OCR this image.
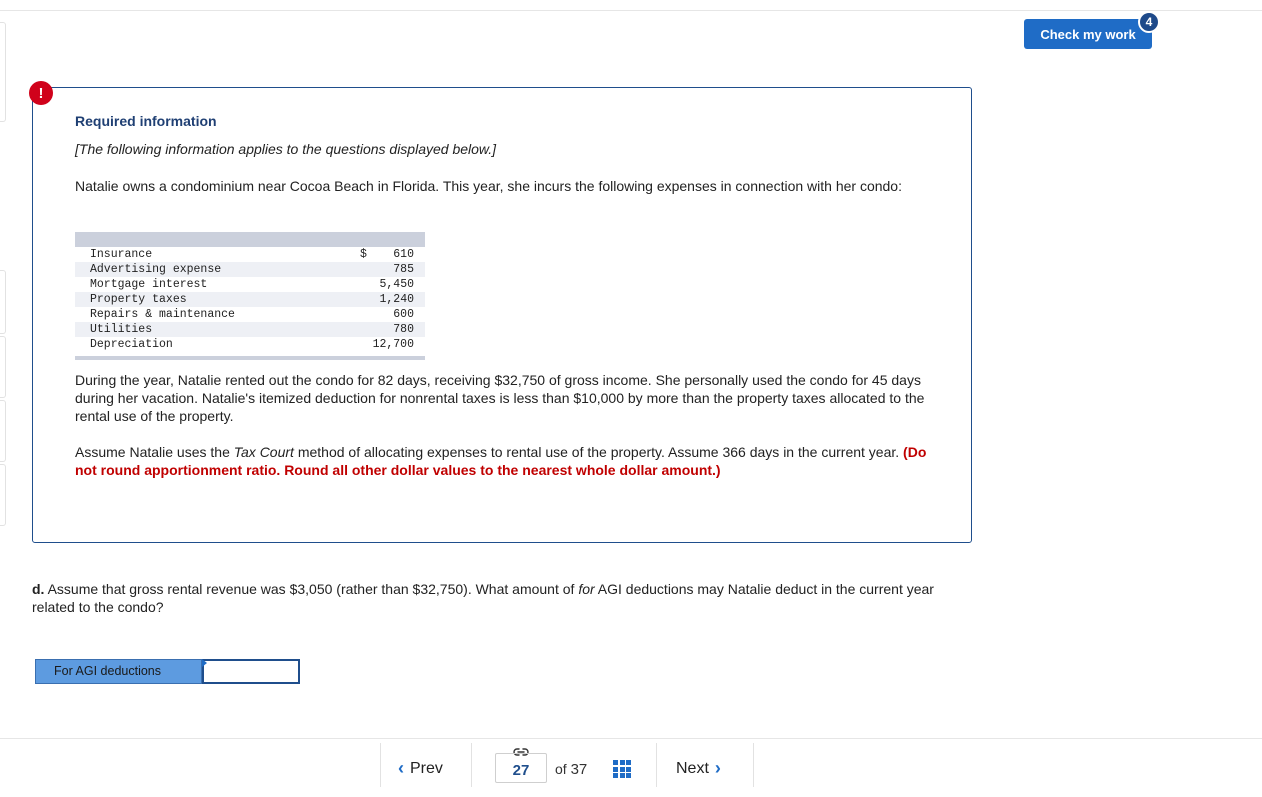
Check my work
4
!
Required information
[The following information applies to the questions displayed below.]
Natalie owns a condominium near Cocoa Beach in Florida. This year, she incurs the following expenses in connection with her condo:
Insurance	$ 610
Advertising expense	785
Mortgage interest	5,450
Property taxes	1,240
Repairs & maintenance	600
Utilities	780
Depreciation	12,700
During the year, Natalie rented out the condo for 82 days, receiving $32,750 of gross income. She personally used the condo for 45 days during her vacation. Natalie's itemized deduction for nonrental taxes is less than $10,000 by more than the property taxes allocated to the rental use of the property.
Assume Natalie uses the Tax Court method of allocating expenses to rental use of the property. Assume 366 days in the current year. (Do not round apportionment ratio. Round all other dollar values to the nearest whole dollar amount.)
d. Assume that gross rental revenue was $3,050 (rather than $32,750). What amount of for AGI deductions may Natalie deduct in the current year related to the condo?
For AGI deductions
‹ Prev	27	of 37	Next ›
